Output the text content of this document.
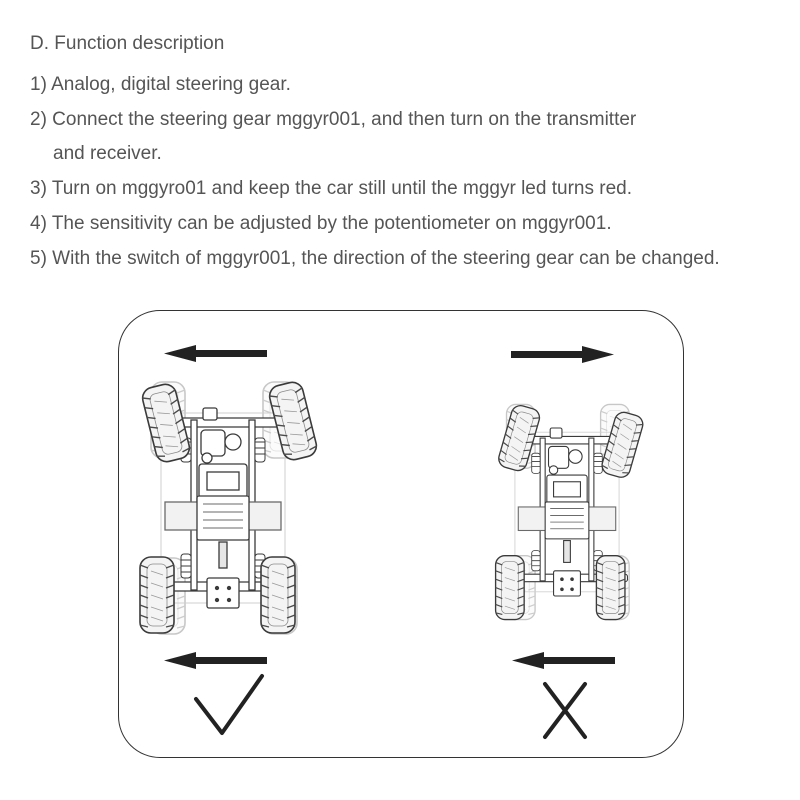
D. Function description

1) Analog, digital steering gear.

2) Connect the steering gear mggyr001, and then turn on the transmitter

and receiver.

3) Turn on mggyro01 and keep the car still until the mggyr led turns red.

4) The sensitivity can be adjusted by the potentiometer on mggyr001.

5) With the switch of mggyr001, the direction of the steering gear can be changed.
